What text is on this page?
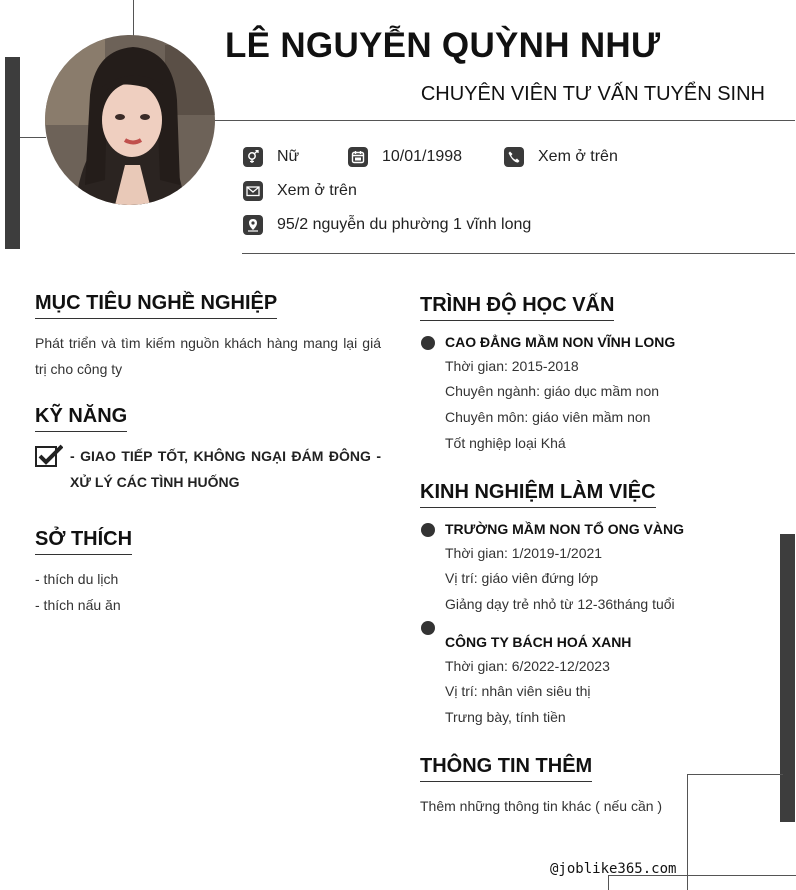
LÊ NGUYỄN QUỲNH NHƯ
CHUYÊN VIÊN TƯ VẤN TUYỂN SINH
Nữ	10/01/1998	Xem ở trên
Xem ở trên
95/2 nguyễn du phường 1 vĩnh long
MỤC TIÊU NGHỀ NGHIỆP
Phát triển và tìm kiếm nguồn khách hàng mang lại giá trị cho công ty
KỸ NĂNG
- GIAO TIẾP TỐT, KHÔNG NGẠI ĐÁM ĐÔNG - XỬ LÝ CÁC TÌNH HUỐNG
SỞ THÍCH
- thích du lịch
- thích nấu ăn
TRÌNH ĐỘ HỌC VẤN
CAO ĐẲNG MẦM NON VĨNH LONG
Thời gian: 2015-2018
Chuyên ngành: giáo dục mầm non
Chuyên môn: giáo viên mầm non
Tốt nghiệp loại Khá
KINH NGHIỆM LÀM VIỆC
TRƯỜNG MẦM NON TỔ ONG VÀNG
Thời gian: 1/2019-1/2021
Vị trí: giáo viên đứng lớp
Giảng dạy trẻ nhỏ từ 12-36tháng tuổi
CÔNG TY BÁCH HOÁ XANH
Thời gian: 6/2022-12/2023
Vị trí: nhân viên siêu thị
Trưng bày, tính tiền
THÔNG TIN THÊM
Thêm những thông tin khác ( nếu cần )
@joblike365.com
